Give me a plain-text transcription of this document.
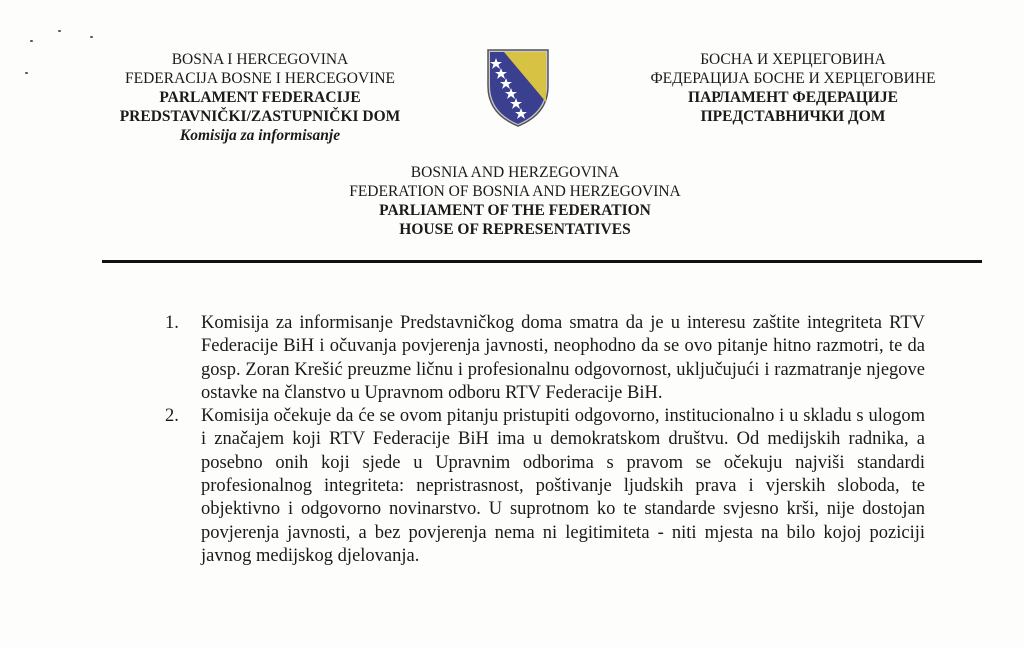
BOSNA I HERCEGOVINA
FEDERACIJA BOSNE I HERCEGOVINE
PARLAMENT FEDERACIJE
PREDSTAVNIČKI/ZASTUPNIČKI DOM
Komisija za informisanje
БОСНА И ХЕРЦЕГОВИНА
ФЕДЕРАЦИЈА БОСНЕ И ХЕРЦЕГОВИНЕ
ПАРЛАМЕНТ ФЕДЕРАЦИЈЕ
ПРЕДСТАВНИЧКИ ДОМ
BOSNIA AND HERZEGOVINA
FEDERATION OF BOSNIA AND HERZEGOVINA
PARLIAMENT OF THE FEDERATION
HOUSE OF REPRESENTATIVES
1. Komisija za informisanje Predstavničkog doma smatra da je u interesu zaštite integriteta RTV Federacije BiH i očuvanja povjerenja javnosti, neophodno da se ovo pitanje hitno razmotri, te da gosp. Zoran Krešić preuzme ličnu i profesionalnu odgovornost, uključujući i razmatranje njegove ostavke na članstvo u Upravnom odboru RTV Federacije BiH.
2. Komisija očekuje da će se ovom pitanju pristupiti odgovorno, institucionalno i u skladu s ulogom i značajem koji RTV Federacije BiH ima u demokratskom društvu. Od medijskih radnika, a posebno onih koji sjede u Upravnim odborima s pravom se očekuju najviši standardi profesionalnog integriteta: nepristrasnost, poštivanje ljudskih prava i vjerskih sloboda, te objektivno i odgovorno novinarstvo. U suprotnom ko te standarde svjesno krši, nije dostojan povjerenja javnosti, a bez povjerenja nema ni legitimiteta - niti mjesta na bilo kojoj poziciji javnog medijskog djelovanja.
